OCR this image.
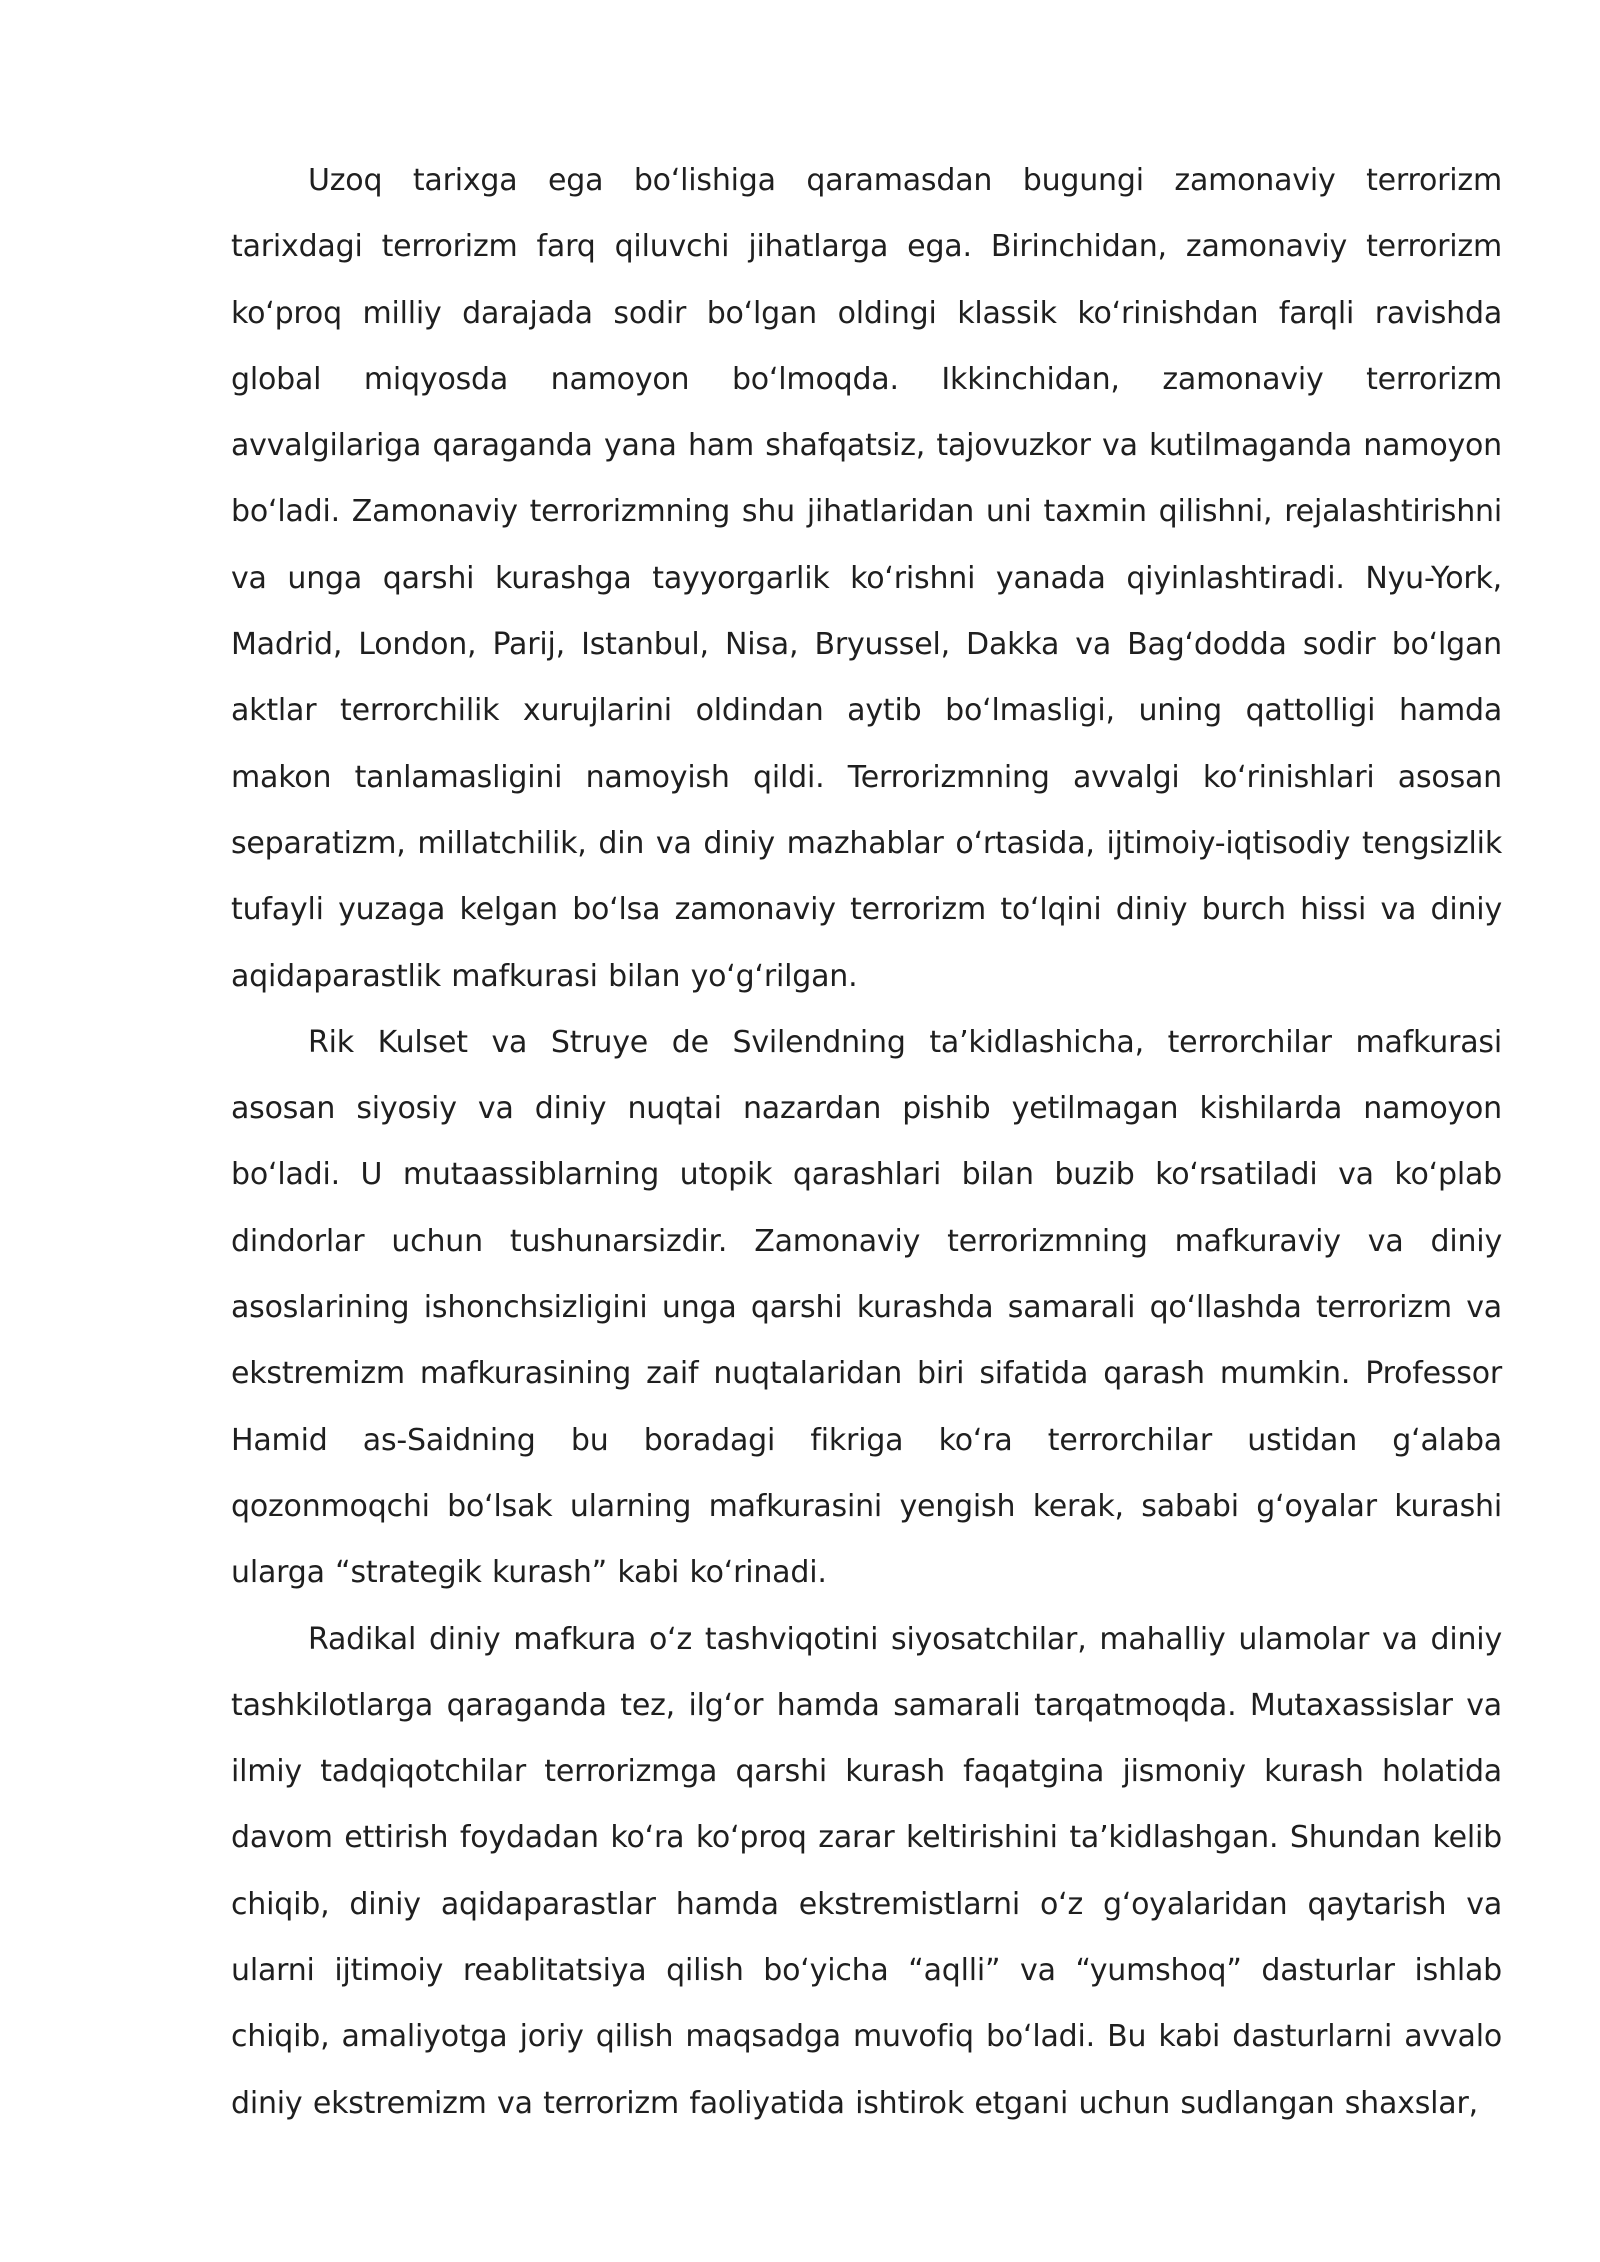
Uzoq tarixga ega boʻlishiga qaramasdan bugungi zamonaviy terrorizm tarixdagi terrorizm farq qiluvchi jihatlarga ega. Birinchidan, zamonaviy terrorizm koʻproq milliy darajada sodir boʻlgan oldingi klassik koʻrinishdan farqli ravishda global miqyosda namoyon boʻlmoqda. Ikkinchidan, zamonaviy terrorizm avvalgilariga qaraganda yana ham shafqatsiz, tajovuzkor va kutilmaganda namoyon boʻladi. Zamonaviy terrorizmning shu jihatlaridan uni taxmin qilishni, rejalashtirishni va unga qarshi kurashga tayyorgarlik koʻrishni yanada qiyinlashtiradi. Nyu-York, Madrid, London, Parij, Istanbul, Nisa, Bryussel, Dakka va Bagʻdodda sodir boʻlgan aktlar terrorchilik xurujlarini oldindan aytib boʻlmasligi, uning qattolligi hamda makon tanlamasligini namoyish qildi. Terrorizmning avvalgi koʻrinishlari asosan separatizm, millatchilik, din va diniy mazhablar oʻrtasida, ijtimoiy-iqtisodiy tengsizlik tufayli yuzaga kelgan boʻlsa zamonaviy terrorizm toʻlqini diniy burch hissi va diniy aqidaparastlik mafkurasi bilan yoʻgʻrilgan.

Rik Kulset va Struye de Svilendning taʼkidlashicha, terrorchilar mafkurasi asosan siyosiy va diniy nuqtai nazardan pishib yetilmagan kishilarda namoyon boʻladi. U mutaassiblarning utopik qarashlari bilan buzib koʻrsatiladi va koʻplab dindorlar uchun tushunarsizdir. Zamonaviy terrorizmning mafkuraviy va diniy asoslarining ishonchsizligini unga qarshi kurashda samarali qoʻllashda terrorizm va ekstremizm mafkurasining zaif nuqtalaridan biri sifatida qarash mumkin. Professor Hamid as-Saidning bu boradagi fikriga koʻra terrorchilar ustidan gʻalaba qozonmoqchi boʻlsak ularning mafkurasini yengish kerak, sababi gʻoyalar kurashi ularga “strategik kurash” kabi koʻrinadi.

Radikal diniy mafkura oʻz tashviqotini siyosatchilar, mahalliy ulamolar va diniy tashkilotlarga qaraganda tez, ilgʻor hamda samarali tarqatmoqda. Mutaxassislar va ilmiy tadqiqotchilar terrorizmga qarshi kurash faqatgina jismoniy kurash holatida davom ettirish foydadan koʻra koʻproq zarar keltirishini taʼkidlashgan. Shundan kelib chiqib, diniy aqidaparastlar hamda ekstremistlarni oʻz gʻoyalaridan qaytarish va ularni ijtimoiy reablitatsiya qilish boʻyicha “aqlli” va “yumshoq” dasturlar ishlab chiqib, amaliyotga joriy qilish maqsadga muvofiq boʻladi. Bu kabi dasturlarni avvalo diniy ekstremizm va terrorizm faoliyatida ishtirok etgani uchun sudlangan shaxslar,
